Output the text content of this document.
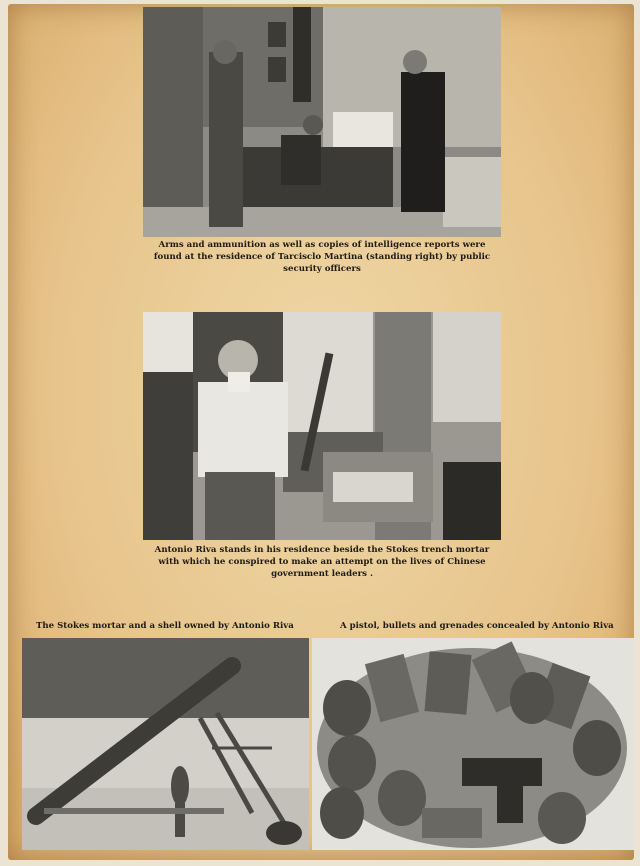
Arms and ammunition as well as copies of intelligence reports were found at the residence of Tarcisclo Martina (standing right) by public security officers
Antonio Riva stands in his residence beside the Stokes trench mortar with which he conspired to make an attempt on the lives of Chinese government leaders .
The Stokes mortar and a shell owned by Antonio Riva	A pistol, bullets and grenades concealed by Antonio Riva
